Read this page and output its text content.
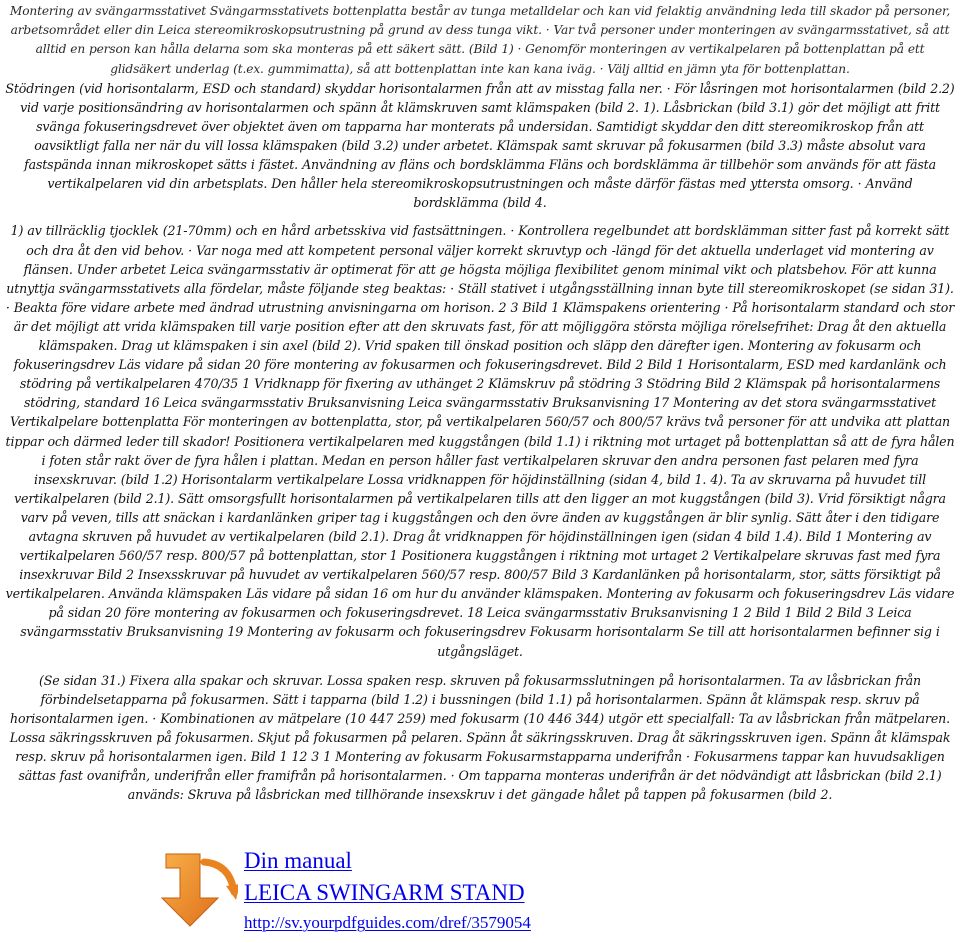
Montering av svängarmsstativet Svängarmsstativets bottenplatta består av tunga metalldelar och kan vid felaktig användning leda till skador på personer, arbetsområdet eller din Leica stereomikroskopsutrustning på grund av dess tunga vikt. · Var två personer under monteringen av svängarmsstativet, så att alltid en person kan hålla delarna som ska monteras på ett säkert sätt. (Bild 1) · Genomför monteringen av vertikalpelaren på bottenplattan på ett glidsäkert underlag (t.ex. gummimatta), så att bottenplattan inte kan kana iväg. · Välj alltid en jämn yta för bottenplattan.

Stödringen (vid horisontalarm, ESD och standard) skyddar horisontalarmen från att av misstag falla ner. · För låsringen mot horisontalarmen (bild 2.2) vid varje positionsändring av horisontalarmen och spänn åt klämskruven samt klämspaken (bild 2. 1). Låsbrickan (bild 3.1) gör det möjligt att fritt svänga fokuseringsdrevet över objektet även om tapparna har monterats på undersidan. Samtidigt skyddar den ditt stereomikroskop från att oavsiktligt falla ner när du vill lossa klämspaken (bild 3.2) under arbetet. Klämspak samt skruvar på fokusarmen (bild 3.3) måste absolut vara fastspända innan mikroskopet sätts i fästet. Användning av fläns och bordsklämma Fläns och bordsklämma är tillbehör som används för att fästa vertikalpelaren vid din arbetsplats. Den håller hela stereomikroskopsutrustningen och måste därför fästas med yttersta omsorg. · Använd bordsklämma (bild 4.

1) av tillräcklig tjocklek (21-70mm) och en hård arbetsskiva vid fastsättningen. · Kontrollera regelbundet att bordsklämman sitter fast på korrekt sätt och dra åt den vid behov. · Var noga med att kompetent personal väljer korrekt skruvtyp och -längd för det aktuella underlaget vid montering av flänsen. Under arbetet Leica svängarmsstativ är optimerat för att ge högsta möjliga flexibilitet genom minimal vikt och platsbehov. För att kunna utnyttja svängarmsstativets alla fördelar, måste följande steg beaktas: · Ställ stativet i utgångsställning innan byte till stereomikroskopet (se sidan 31). · Beakta före vidare arbete med ändrad utrustning anvisningarna om horison. 2 3 Bild 1 Klämspakens orientering · På horisontalarm standard och stor är det möjligt att vrida klämspaken till varje position efter att den skruvats fast, för att möjliggöra största möjliga rörelsefrihet: Drag åt den aktuella klämspaken. Drag ut klämspaken i sin axel (bild 2). Vrid spaken till önskad position och släpp den därefter igen. Montering av fokusarm och fokuseringsdrev Läs vidare på sidan 20 före montering av fokusarmen och fokuseringsdrevet. Bild 2 Bild 1 Horisontalarm, ESD med kardanlänk och stödring på vertikalpelaren 470/35 1 Vridknapp för fixering av uthänget 2 Klämskruv på stödring 3 Stödring Bild 2 Klämspak på horisontalarmens stödring, standard 16 Leica svängarmsstativ Bruksanvisning Leica svängarmsstativ Bruksanvisning 17 Montering av det stora svängarmsstativet Vertikalpelare bottenplatta För monteringen av bottenplatta, stor, på vertikalpelaren 560/57 och 800/57 krävs två personer för att undvika att plattan tippar och därmed leder till skador! Positionera vertikalpelaren med kuggstången (bild 1.1) i riktning mot urtaget på bottenplattan så att de fyra hålen i foten står rakt över de fyra hålen i plattan. Medan en person håller fast vertikalpelaren skruvar den andra personen fast pelaren med fyra insexskruvar. (bild 1.2) Horisontalarm vertikalpelare Lossa vridknappen för höjdinställning (sidan 4, bild 1. 4). Ta av skruvarna på huvudet till vertikalpelaren (bild 2.1). Sätt omsorgsfullt horisontalarmen på vertikalpelaren tills att den ligger an mot kuggstången (bild 3). Vrid försiktigt några varv på veven, tills att snäckan i kardanlänken griper tag i kuggstången och den övre änden av kuggstången är blir synlig. Sätt åter i den tidigare avtagna skruven på huvudet av vertikalpelaren (bild 2.1). Drag åt vridknappen för höjdinställningen igen (sidan 4 bild 1.4). Bild 1 Montering av vertikalpelaren 560/57 resp. 800/57 på bottenplattan, stor 1 Positionera kuggstången i riktning mot urtaget 2 Vertikalpelare skruvas fast med fyra insexkruvar Bild 2 Insexsskruvar på huvudet av vertikalpelaren 560/57 resp. 800/57 Bild 3 Kardanlänken på horisontalarm, stor, sätts försiktigt på vertikalpelaren. Använda klämspaken Läs vidare på sidan 16 om hur du använder klämspaken. Montering av fokusarm och fokuseringsdrev Läs vidare på sidan 20 före montering av fokusarmen och fokuseringsdrevet. 18 Leica svängarmsstativ Bruksanvisning 1 2 Bild 1 Bild 2 Bild 3 Leica svängarmsstativ Bruksanvisning 19 Montering av fokusarm och fokuseringsdrev Fokusarm horisontalarm Se till att horisontalarmen befinner sig i utgångsläget.

(Se sidan 31.) Fixera alla spakar och skruvar. Lossa spaken resp. skruven på fokusarmsslutningen på horisontalarmen. Ta av låsbrickan från förbindelsetapparna på fokusarmen. Sätt i tapparna (bild 1.2) i bussningen (bild 1.1) på horisontalarmen. Spänn åt klämspak resp. skruv på horisontalarmen igen. · Kombinationen av mätpelare (10 447 259) med fokusarm (10 446 344) utgör ett specialfall: Ta av låsbrickan från mätpelaren. Lossa säkringsskruven på fokusarmen. Skjut på fokusarmen på pelaren. Spänn åt säkringsskruven. Drag åt säkringsskruven igen. Spänn åt klämspak resp. skruv på horisontalarmen igen. Bild 1 12 3 1 Montering av fokusarm Fokusarmstapparna underifrån · Fokusarmens tappar kan huvudsakligen sättas fast ovanifrån, underifrån eller framifrån på horisontalarmen. · Om tapparna monteras underifrån är det nödvändigt att låsbrickan (bild 2.1) används: Skruva på låsbrickan med tillhörande insexskruv i det gängade hålet på tappen på fokusarmen (bild 2.

Din manual
LEICA SWINGARM STAND
http://sv.yourpdfguides.com/dref/3579054
